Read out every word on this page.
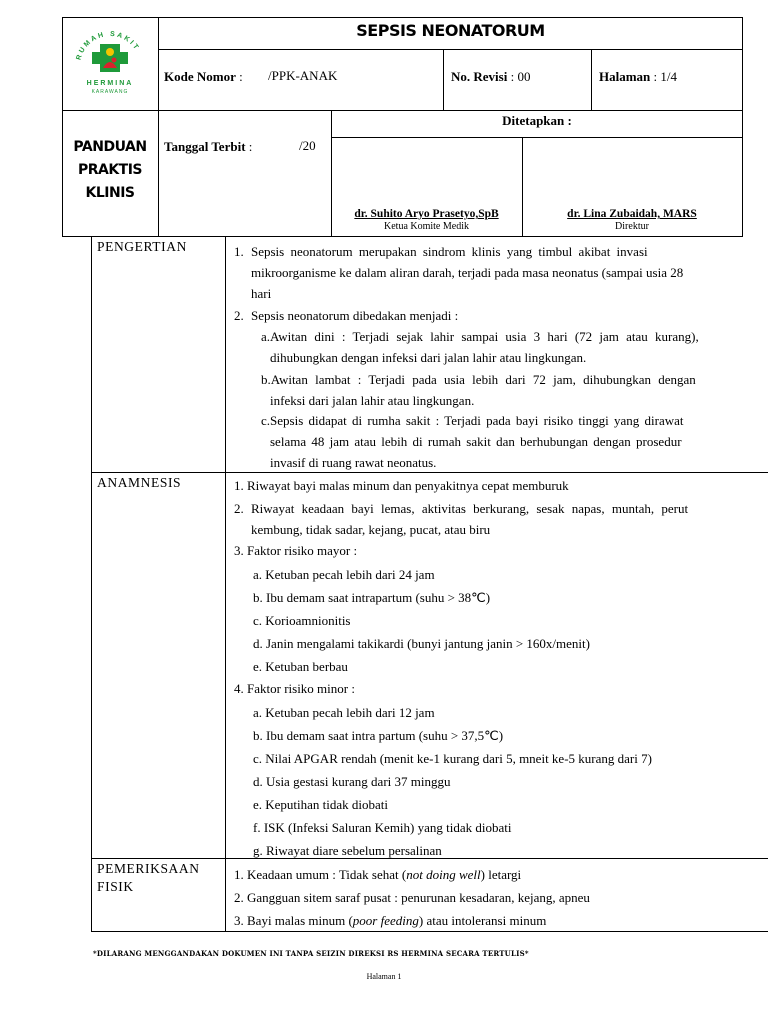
RUMAH SAKIT
HERMINA
KARAWANG
SEPSIS NEONATORUM
Kode Nomor : /PPK-ANAK	No. Revisi : 00	Halaman : 1/4
PANDUAN
PRAKTIS
KLINIS
Tanggal Terbit :	/20
Ditetapkan :
dr. Suhito Aryo Prasetyo,SpB
Ketua Komite Medik
dr. Lina Zubaidah, MARS
Direktur
PENGERTIAN	1. Sepsis neonatorum merupakan sindrom klinis yang timbul akibat invasi
mikroorganisme ke dalam aliran darah, terjadi pada masa neonatus (sampai usia 28
hari
2. Sepsis neonatorum dibedakan menjadi :
a.Awitan dini : Terjadi sejak lahir sampai usia 3 hari (72 jam atau kurang),
dihubungkan dengan infeksi dari jalan lahir atau lingkungan.
b.Awitan lambat : Terjadi pada usia lebih dari 72 jam, dihubungkan dengan
infeksi dari jalan lahir atau lingkungan.
c.Sepsis didapat di rumha sakit : Terjadi pada bayi risiko tinggi yang dirawat
selama 48 jam atau lebih di rumah sakit dan berhubungan dengan prosedur
invasif di ruang rawat neonatus.
ANAMNESIS	1. Riwayat bayi malas minum dan penyakitnya cepat memburuk
2. Riwayat keadaan bayi lemas, aktivitas berkurang, sesak napas, muntah, perut
kembung, tidak sadar, kejang, pucat, atau biru
3. Faktor risiko mayor :
a. Ketuban pecah lebih dari 24 jam
b. Ibu demam saat intrapartum (suhu > 38℃)
c. Korioamnionitis
d. Janin mengalami takikardi (bunyi jantung janin > 160x/menit)
e. Ketuban berbau
4. Faktor risiko minor :
a. Ketuban pecah lebih dari 12 jam
b. Ibu demam saat intra partum (suhu > 37,5℃)
c. Nilai APGAR rendah (menit ke-1 kurang dari 5, mneit ke-5 kurang dari 7)
d. Usia gestasi kurang dari 37 minggu
e. Keputihan tidak diobati
f. ISK (Infeksi Saluran Kemih) yang tidak diobati
g. Riwayat diare sebelum persalinan
PEMERIKSAAN
FISIK
1. Keadaan umum : Tidak sehat (not doing well) letargi
2. Gangguan sitem saraf pusat : penurunan kesadaran, kejang, apneu
3. Bayi malas minum (poor feeding) atau intoleransi minum
*DILARANG MENGGANDAKAN DOKUMEN INI TANPA SEIZIN DIREKSI RS HERMINA SECARA TERTULIS*
Halaman 1
